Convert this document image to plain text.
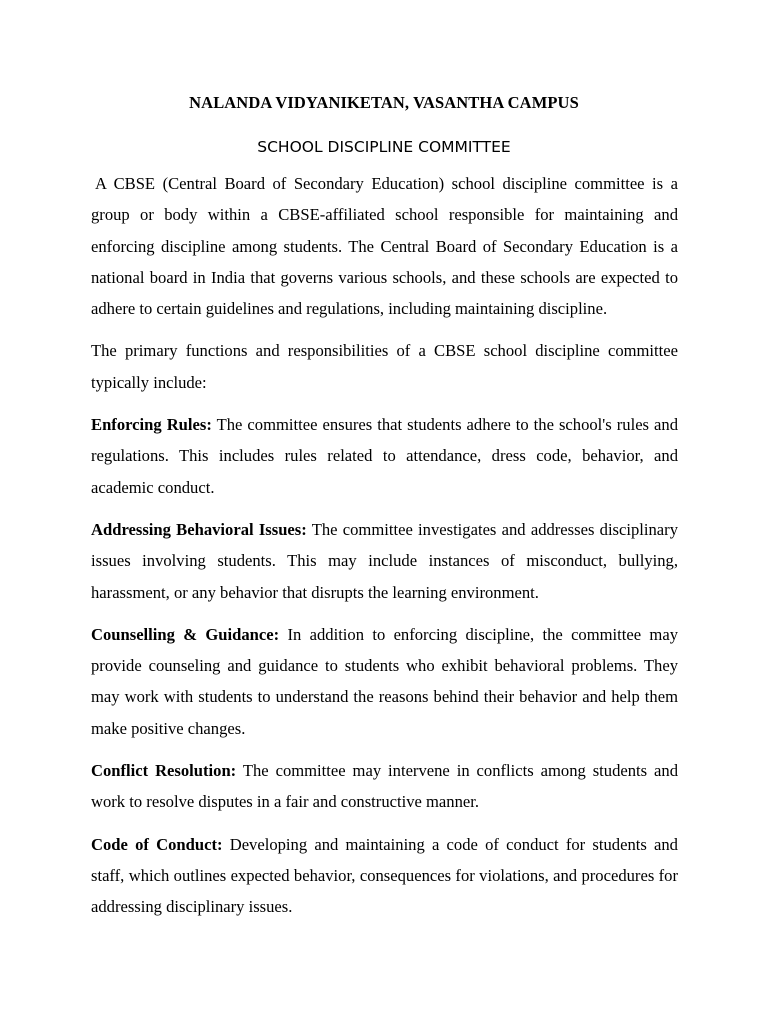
NALANDA VIDYANIKETAN, VASANTHA CAMPUS
SCHOOL DISCIPLINE COMMITTEE

A CBSE (Central Board of Secondary Education) school discipline committee is a group or body within a CBSE-affiliated school responsible for maintaining and enforcing discipline among students. The Central Board of Secondary Education is a national board in India that governs various schools, and these schools are expected to adhere to certain guidelines and regulations, including maintaining discipline.

The primary functions and responsibilities of a CBSE school discipline committee typically include:

Enforcing Rules: The committee ensures that students adhere to the school's rules and regulations. This includes rules related to attendance, dress code, behavior, and academic conduct.

Addressing Behavioral Issues: The committee investigates and addresses disciplinary issues involving students. This may include instances of misconduct, bullying, harassment, or any behavior that disrupts the learning environment.

Counselling & Guidance: In addition to enforcing discipline, the committee may provide counseling and guidance to students who exhibit behavioral problems. They may work with students to understand the reasons behind their behavior and help them make positive changes.

Conflict Resolution: The committee may intervene in conflicts among students and work to resolve disputes in a fair and constructive manner.

Code of Conduct: Developing and maintaining a code of conduct for students and staff, which outlines expected behavior, consequences for violations, and procedures for addressing disciplinary issues.
